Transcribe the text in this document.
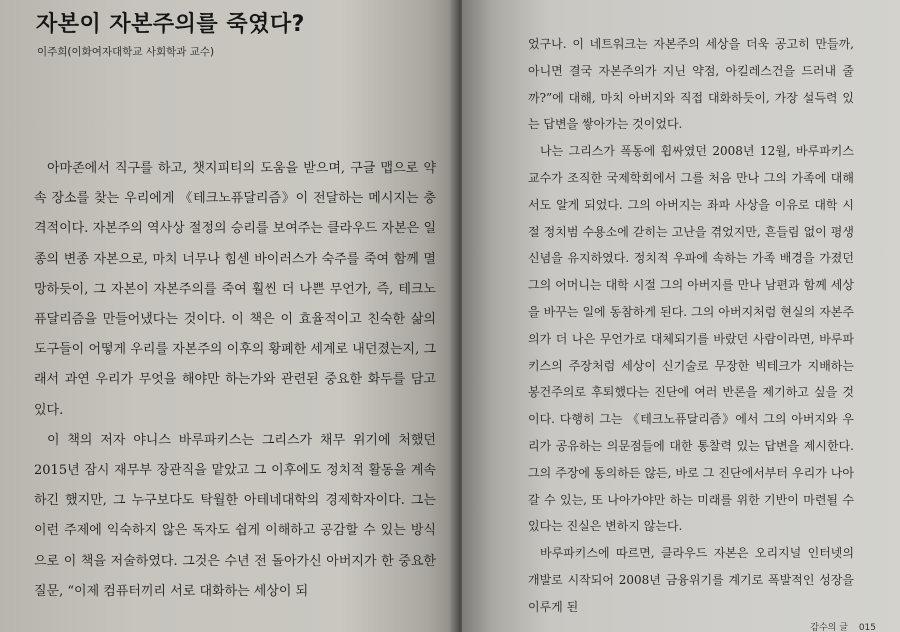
자본이 자본주의를 죽였다?
이주희(이화여자대학교 사회학과 교수)

아마존에서 직구를 하고, 챗지피티의 도움을 받으며, 구글 맵으로 약속 장소를 찾는 우리에게 《테크노퓨달리즘》이 전달하는 메시지는 충격적이다. 자본주의 역사상 절정의 승리를 보여주는 클라우드 자본은 일종의 변종 자본으로, 마치 너무나 힘센 바이러스가 숙주를 죽여 함께 멸망하듯이, 그 자본이 자본주의를 죽여 훨씬 더 나쁜 무언가, 즉, 테크노퓨달리즘을 만들어냈다는 것이다. 이 책은 이 효율적이고 친숙한 삶의 도구들이 어떻게 우리를 자본주의 이후의 황폐한 세계로 내던졌는지, 그래서 과연 우리가 무엇을 해야만 하는가와 관련된 중요한 화두를 담고 있다.

이 책의 저자 야니스 바루파키스는 그리스가 채무 위기에 처했던 2015년 잠시 재무부 장관직을 맡았고 그 이후에도 정치적 활동을 계속하긴 했지만, 그 누구보다도 탁월한 아테네대학의 경제학자이다. 그는 이런 주제에 익숙하지 않은 독자도 쉽게 이해하고 공감할 수 있는 방식으로 이 책을 저술하였다. 그것은 수년 전 돌아가신 아버지가 한 중요한 질문, “이제 컴퓨터끼리 서로 대화하는 세상이 되

었구나. 이 네트워크는 자본주의 세상을 더욱 공고히 만들까, 아니면 결국 자본주의가 지닌 약점, 아킬레스건을 드러내 줄까?”에 대해, 마치 아버지와 직접 대화하듯이, 가장 설득력 있는 답변을 쌓아가는 것이었다.

나는 그리스가 폭동에 휩싸였던 2008년 12월, 바루파키스 교수가 조직한 국제학회에서 그를 처음 만나 그의 가족에 대해서도 알게 되었다. 그의 아버지는 좌파 사상을 이유로 대학 시절 정치범 수용소에 갇히는 고난을 겪었지만, 흔들림 없이 평생 신념을 유지하였다. 정치적 우파에 속하는 가족 배경을 가졌던 그의 어머니는 대학 시절 그의 아버지를 만나 남편과 함께 세상을 바꾸는 일에 동참하게 된다. 그의 아버지처럼 현실의 자본주의가 더 나은 무언가로 대체되기를 바랐던 사람이라면, 바루파키스의 주장처럼 세상이 신기술로 무장한 빅테크가 지배하는 봉건주의로 후퇴했다는 진단에 여러 반론을 제기하고 싶을 것이다. 다행히 그는 《테크노퓨달리즘》에서 그의 아버지와 우리가 공유하는 의문점들에 대한 통찰력 있는 답변을 제시한다. 그의 주장에 동의하든 않든, 바로 그 진단에서부터 우리가 나아갈 수 있는, 또 나아가야만 하는 미래를 위한 기반이 마련될 수 있다는 진실은 변하지 않는다.

바루파키스에 따르면, 클라우드 자본은 오리지널 인터넷의 개발로 시작되어 2008년 금융위기를 계기로 폭발적인 성장을 이루게 된

감수의 글 015
